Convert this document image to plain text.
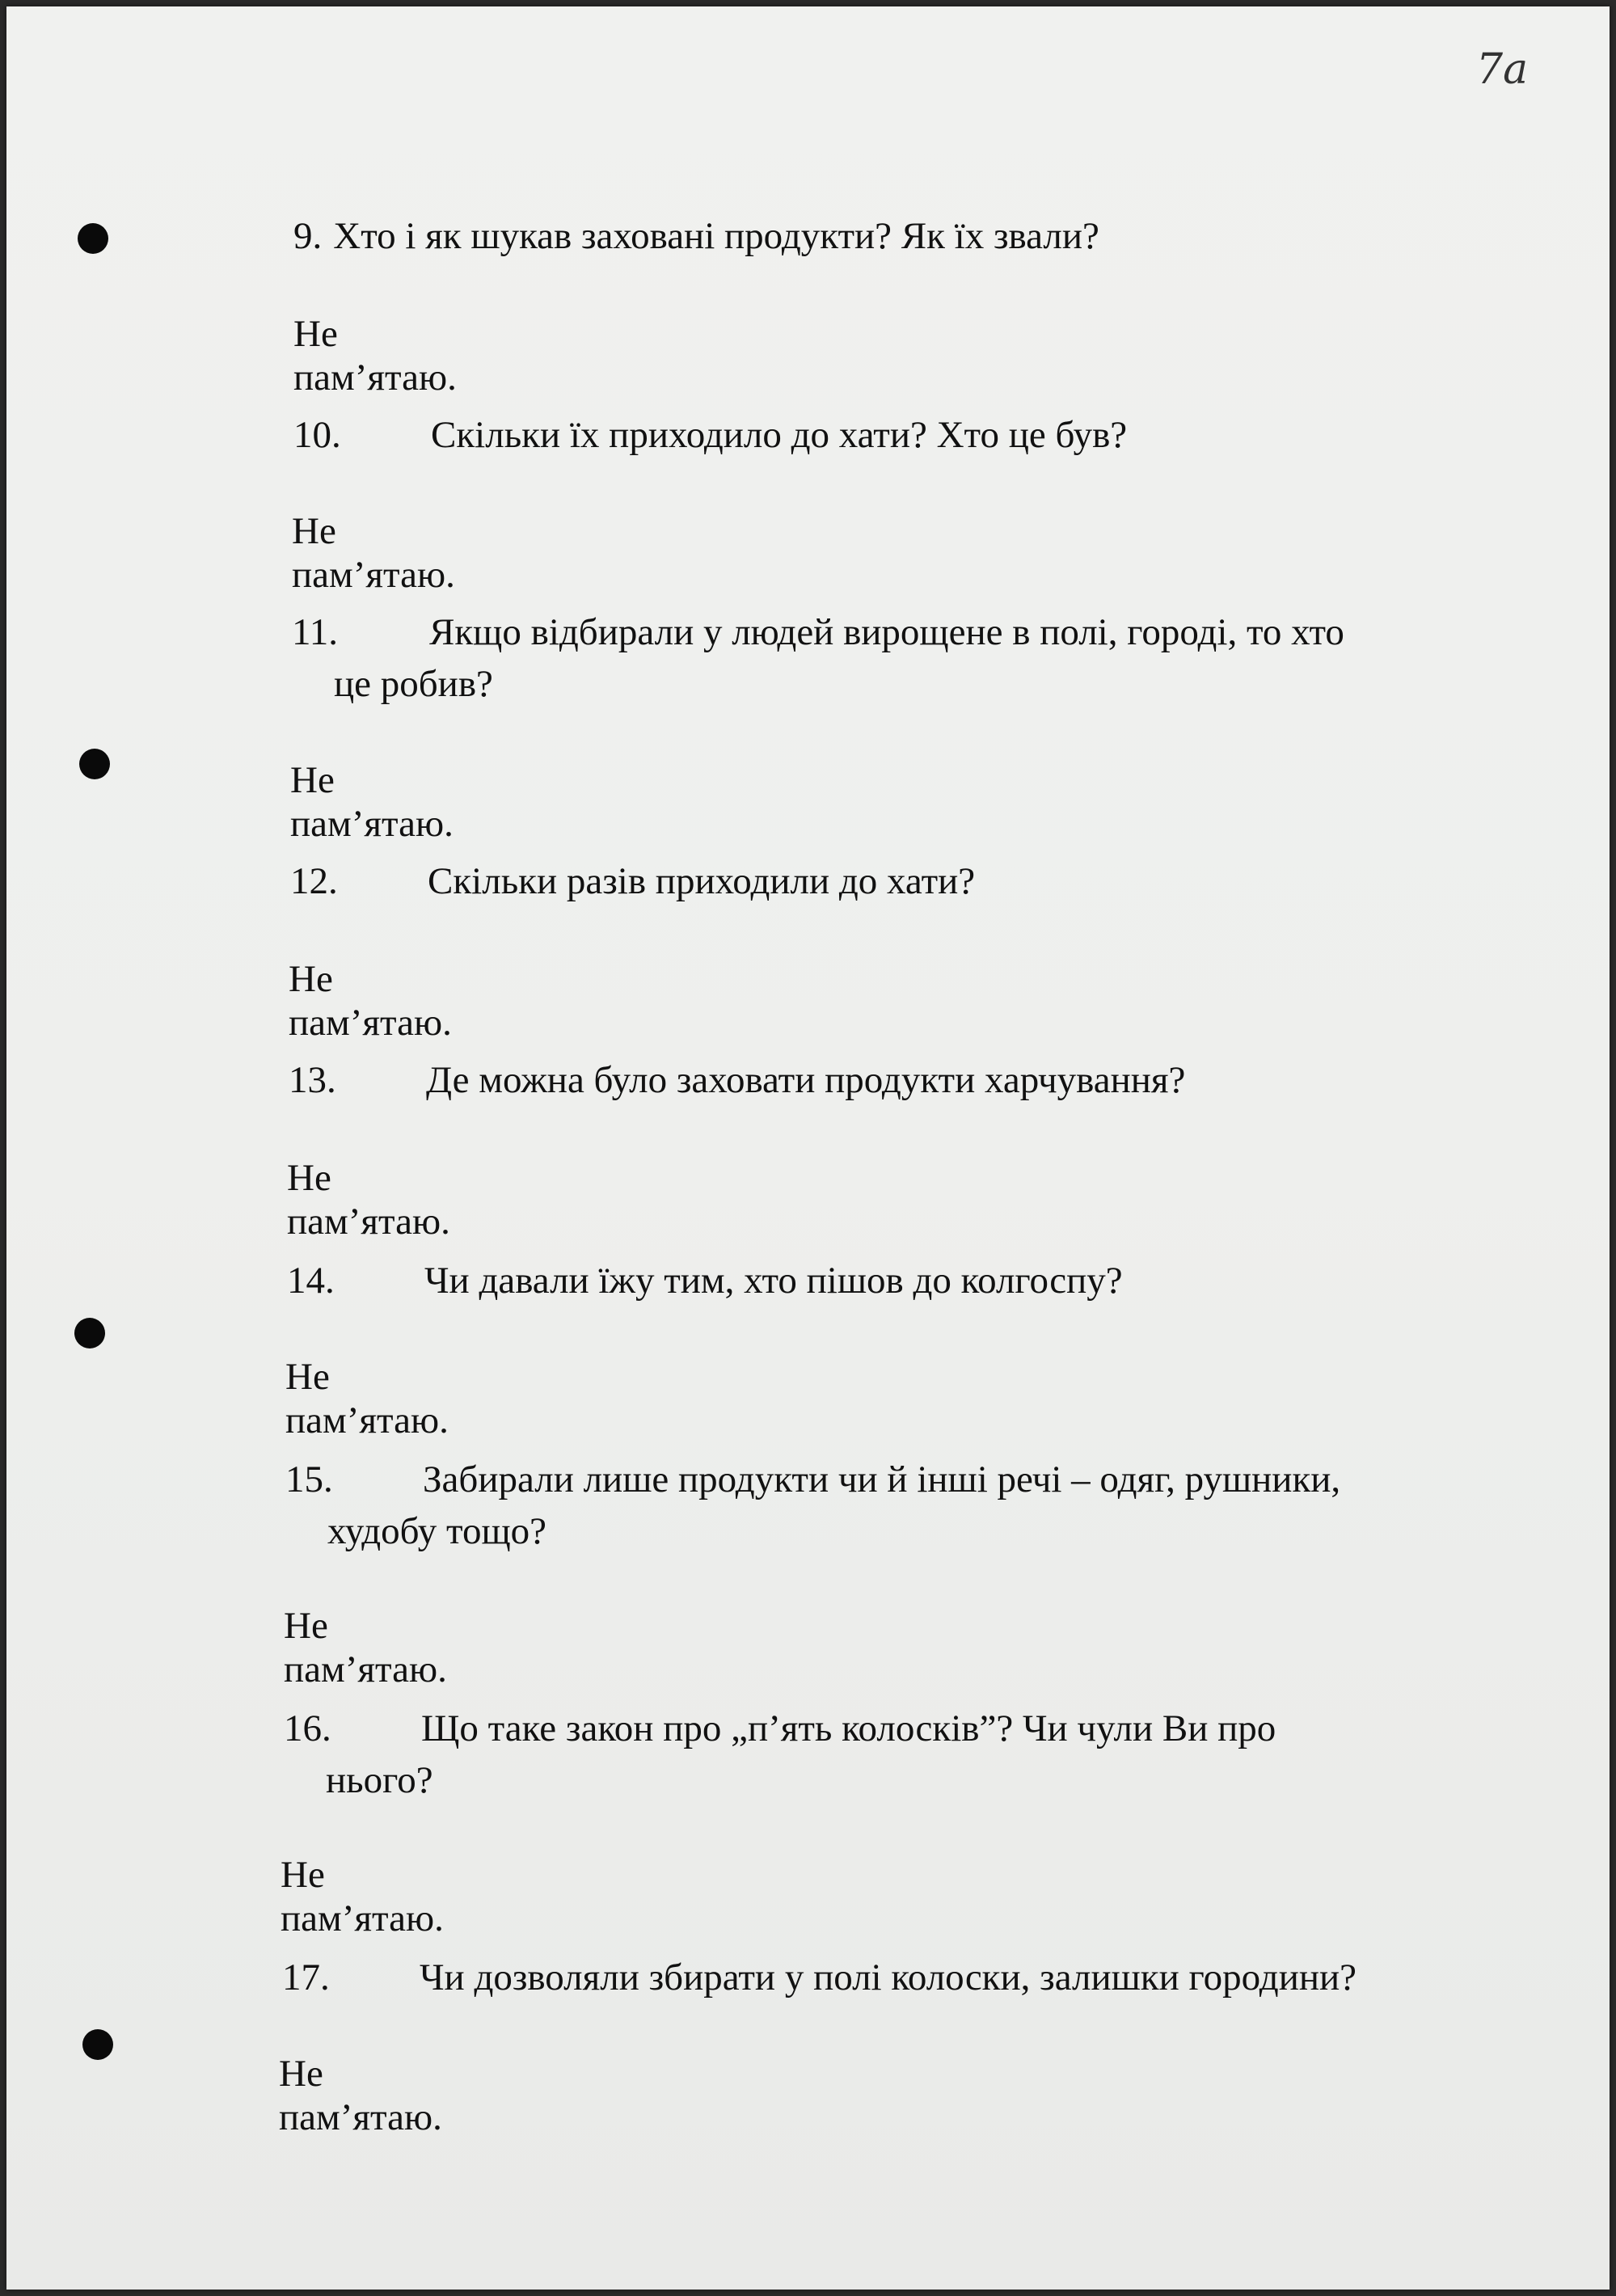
7a
9. Хто і як шукав заховані продукти? Як їх звали?
Не пам’ятаю.
10. Скільки їх приходило до хати? Хто це був?
Не пам’ятаю.
11. Якщо відбирали у людей вирощене в полі, городі, то хто
це робив?
Не пам’ятаю.
12. Скільки разів приходили до хати?
Не пам’ятаю.
13. Де можна було заховати продукти харчування?
Не пам’ятаю.
14. Чи давали їжу тим, хто пішов до колгоспу?
Не пам’ятаю.
15. Забирали лише продукти чи й інші речі – одяг, рушники,
худобу тощо?
Не пам’ятаю.
16. Що таке закон про „п’ять колосків”? Чи чули Ви про
нього?
Не пам’ятаю.
17. Чи дозволяли збирати у полі колоски, залишки городини?
Не пам’ятаю.
